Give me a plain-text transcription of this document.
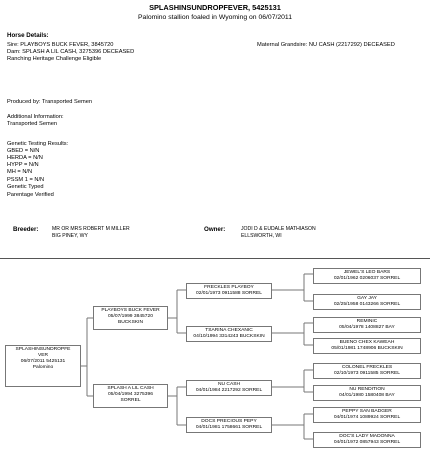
SPLASHINSUNDROPFEVER, 5425131
Palomino stallion foaled in Wyoming on 06/07/2011
Horse Details:
Sire: PLAYBOYS BUCK FEVER, 3845720
Dam: SPLASH A LIL CASH, 3275396 DECEASED
Ranching Heritage Challenge Eligible
Maternal Grandsire: NU CASH (2217292) DECEASED
Produced by: Transported Semen
Additional Information:
Transported Semen
Genetic Testing Results:
GBED = N/N
HERDA = N/N
HYPP = N/N
MH = N/N
PSSM 1 = N/N
Genetic Typed
Parentage Verified
Breeder:	MR OR MRS ROBERT M MILLER
BIG PINEY, WY
Owner:	JODI D & EUDALE MATHIASON
ELLSWORTH, WI
SPLASHINSUNDROPFE
VER
06/07/2011 5425131
Palomino
PLAYBOYS BUCK FEVER
05/07/1999 3845720
BUCKSKIN
SPLASH A LIL CASH
05/04/1994 3275396
SORREL
FRECKLES PLAYBOY
02/01/1973 0911588 SORREL
TSARINA CHEXANIC
04/10/1994 3314243 BUCKSKIN
NU CASH
04/01/1984 2217292 SORREL
DOCS PRECIOUS PEPY
04/01/1981 1758661 SORREL
JEWEL'S LEO BARS
02/01/1962 0206037 SORREL
GAY JAY
02/25/1958 0143266 SORREL
REMINIC
05/04/1978 1408827 BAY
BUENO CHEX KAWEAH
05/01/1981 1748906 BUCKSKIN
COLONEL FRECKLES
02/10/1973 0911585 SORREL
NU RENDITION
04/01/1980 1580408 BAY
PEPPY SAN BADGER
04/01/1974 1089924 SORREL
DOC'S LADY MADONNA
04/01/1972 0857943 SORREL
